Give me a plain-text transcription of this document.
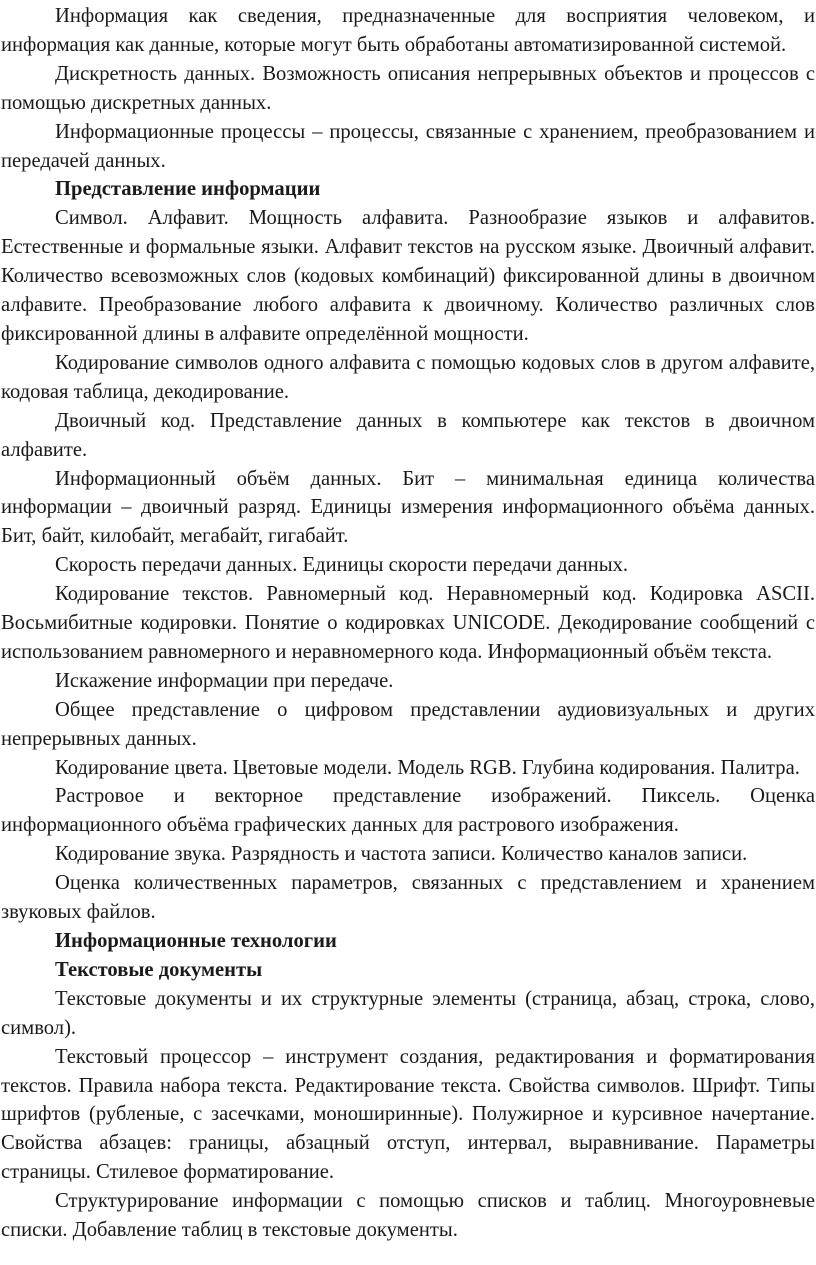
Информация как сведения, предназначенные для восприятия человеком, и информация как данные, которые могут быть обработаны автоматизированной системой.

Дискретность данных. Возможность описания непрерывных объектов и процессов с помощью дискретных данных.

Информационные процессы – процессы, связанные с хранением, преобразованием и передачей данных.

Представление информации

Символ. Алфавит. Мощность алфавита. Разнообразие языков и алфавитов. Естественные и формальные языки. Алфавит текстов на русском языке. Двоичный алфавит. Количество всевозможных слов (кодовых комбинаций) фиксированной длины в двоичном алфавите. Преобразование любого алфавита к двоичному. Количество различных слов фиксированной длины в алфавите определённой мощности.

Кодирование символов одного алфавита с помощью кодовых слов в другом алфавите, кодовая таблица, декодирование.

Двоичный код. Представление данных в компьютере как текстов в двоичном алфавите.

Информационный объём данных. Бит – минимальная единица количества информации – двоичный разряд. Единицы измерения информационного объёма данных. Бит, байт, килобайт, мегабайт, гигабайт.

Скорость передачи данных. Единицы скорости передачи данных.

Кодирование текстов. Равномерный код. Неравномерный код. Кодировка ASCII. Восьмибитные кодировки. Понятие о кодировках UNICODE. Декодирование сообщений с использованием равномерного и неравномерного кода. Информационный объём текста.

Искажение информации при передаче.

Общее представление о цифровом представлении аудиовизуальных и других непрерывных данных.

Кодирование цвета. Цветовые модели. Модель RGB. Глубина кодирования. Палитра.

Растровое и векторное представление изображений. Пиксель. Оценка информационного объёма графических данных для растрового изображения.

Кодирование звука. Разрядность и частота записи. Количество каналов записи.

Оценка количественных параметров, связанных с представлением и хранением звуковых файлов.

Информационные технологии

Текстовые документы

Текстовые документы и их структурные элементы (страница, абзац, строка, слово, символ).

Текстовый процессор – инструмент создания, редактирования и форматирования текстов. Правила набора текста. Редактирование текста. Свойства символов. Шрифт. Типы шрифтов (рубленые, с засечками, моноширинные). Полужирное и курсивное начертание. Свойства абзацев: границы, абзацный отступ, интервал, выравнивание. Параметры страницы. Стилевое форматирование.

Структурирование информации с помощью списков и таблиц. Многоуровневые списки. Добавление таблиц в текстовые документы.
